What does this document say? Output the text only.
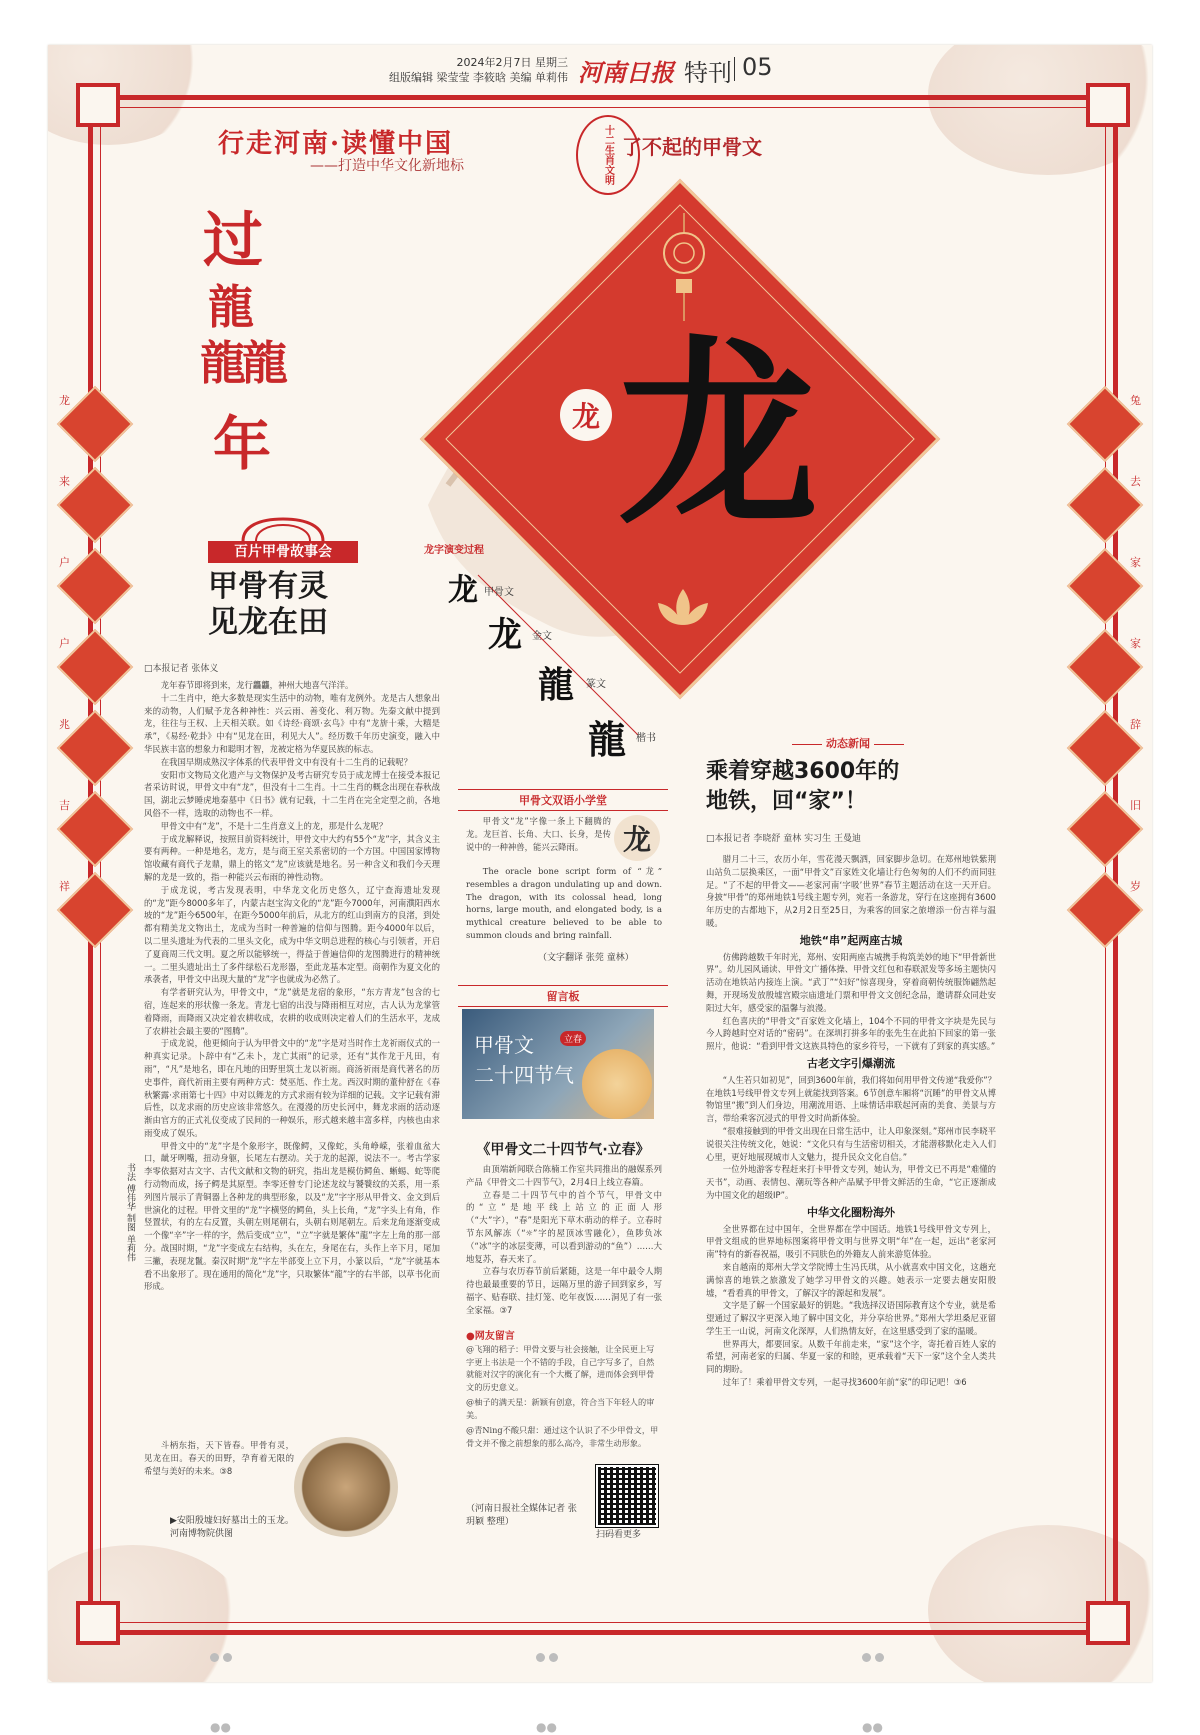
2024年2月7日 星期三
组版编辑 梁莹莹 李筱晗 美编 单莉伟 河南日报 特刊 05
行走河南·读懂中国
——打造中华文化新地标	十二生肖文明 了不起的甲骨文
过
龍
龍龍
年	龙 龙
龙
来
户
户
兆
吉
祥
兔
去
家
家
辞
旧
岁
百片甲骨故事会
甲骨有灵
见龙在田
□本报记者 张体义

龙年春节即将到来，龙行龘龘，神州大地喜气洋洋。

十二生肖中，绝大多数是现实生活中的动物，唯有龙例外。龙是古人想象出来的动物，人们赋予龙各种神性：兴云雨、善变化、利万物。先秦文献中提到龙，往往与王权、上天相关联。如《诗经·商颂·玄鸟》中有“龙旂十乘，大糦是承”，《易经·乾卦》中有“见龙在田，利见大人”。经历数千年历史演变，融入中华民族丰富的想象力和聪明才智，龙被定格为华夏民族的标志。

在我国早期成熟汉字体系的代表甲骨文中有没有十二生肖的记载呢？

安阳市文物局文化遗产与文物保护及考古研究专员于成龙博士在接受本报记者采访时说，甲骨文中有“龙”，但没有十二生肖。十二生肖的概念出现在春秋战国，湖北云梦睡虎地秦墓中《日书》就有记载，十二生肖在完全定型之前，各地风俗不一样，选取的动物也不一样。

甲骨文中有“龙”，不是十二生肖意义上的龙，那是什么龙呢？

于成龙解释说，按照目前资料统计，甲骨文中大约有55个“龙”字，其含义主要有两种。一种是地名，龙方，是与商王室关系密切的一个方国。中国国家博物馆收藏有商代子龙鼎，鼎上的铭文“龙”应该就是地名。另一种含义和我们今天理解的龙是一致的，指一种能兴云布雨的神性动物。

于成龙说，考古发现表明，中华龙文化历史悠久，辽宁查海遗址发现的“龙”距今8000多年了，内蒙古赵宝沟文化的“龙”距今7000年，河南濮阳西水坡的“龙”距今6500年，在距今5000年前后，从北方的红山到南方的良渚，到处都有精美龙文物出土，龙成为当时一种普遍的信仰与图腾。距今4000年以后，以二里头遗址为代表的二里头文化，成为中华文明总进程的核心与引领者，开启了夏商周三代文明。夏之所以能够统一，得益于普遍信仰的龙图腾进行的精神统一。二里头遗址出土了多件绿松石龙形器，至此龙基本定型。商朝作为夏文化的承袭者，甲骨文中出现大量的“龙”字也就成为必然了。

有学者研究认为，甲骨文中，“龙”就是龙宿的象形，“东方青龙”包含的七宿，连起来的形状像一条龙。青龙七宿的出没与降雨相互对应，古人认为龙掌管着降雨，而降雨又决定着农耕收成，农耕的收成则决定着人们的生活水平，龙成了农耕社会最主要的“图腾”。

于成龙说，他更倾向于认为甲骨文中的“龙”字是对当时作土龙祈雨仪式的一种真实记录。卜辞中有“乙未卜，龙亡其雨”的记录，还有“其作龙于凡田，有雨”，“凡”是地名，即在凡地的田野里筑土龙以祈雨。商汤祈雨是商代著名的历史事件，商代祈雨主要有两种方式：焚巫尪、作土龙。西汉时期的董仲舒在《春秋繁露·求雨第七十四》中对以舞龙的方式求雨有较为详细的记载。文字记载有滞后性，以龙求雨的历史应该非常悠久。在漫漫的历史长河中，舞龙求雨的活动逐渐由官方的正式礼仪变成了民间的一种娱乐，形式越来越丰富多样，内核也由求雨变成了娱乐。

甲骨文中的“龙”字是个象形字，既像鳄，又像蛇，头角峥嵘，张着血盆大口，龇牙咧嘴，扭动身躯，长尾左右摆动。关于龙的起源，说法不一。考古学家李零依据对古文字、古代文献和文物的研究，指出龙是模仿鳄鱼、蜥蜴、蛇等爬行动物而成，扬子鳄是其原型。李零还曾专门论述龙纹与饕餮纹的关系，用一系列图片展示了青铜器上各种龙的典型形象，以及“龙”字字形从甲骨文、金文到后世演化的过程。甲骨文里的“龙”字横竖的鳄鱼，头上长角，“龙”字头上有角，作竖置状，有的左右反置，头朝左则尾朝右，头朝右则尾朝左。后来龙角逐渐变成一个像“辛”字一样的字，然后变成“立”，“立”字就是繁体“龍”字左上角的那一部分。战国时期，“龙”字变成左右结构，头在左，身尾在右，头作上辛下月，尾加三撇，表现龙鬣。秦汉时期“龙”字左半部变上立下月，小篆以后，“龙”字就基本看不出象形了。现在通用的简化“龙”字，只取繁体“龍”字的右半部，以草书化而形成。

斗柄东指，天下皆春。甲骨有灵，见龙在田。春天的田野，孕育着无限的希望与美好的未来。③8

▶安阳殷墟妇好墓出土的玉龙。河南博物院供图
书法 傅伟华 制图 单莉伟
龙字演变过程
龙 甲骨文
龙 金文
龍 篆文
龍 楷书
甲骨文双语小学堂

甲骨文“龙”字像一条上下翻腾的龙。龙巨首、长角、大口、长身，是传说中的一种神兽，能兴云降雨。	龙

The oracle bone script form of “龙” resembles a dragon undulating up and down. The dragon, with its colossal head, long horns, large mouth, and elongated body, is a mythical creature believed to be able to summon clouds and bring rainfall.

（文字翻译 张莞 童林）
留言板
甲骨文
二十四节气
立春
《甲骨文二十四节气·立春》

由顶端新闻联合陈楠工作室共同推出的融媒系列产品《甲骨文二十四节气》，2月4日上线立春篇。

立春是二十四节气中的首个节气，甲骨文中的“立”是地平线上站立的正面人形（“大”字），“春”是阳光下草木萌动的样子。立春时节东风解冻（“☼”字的屋顶冰雪融化），鱼陟负冰（“冰”字的冰层变薄，可以看到游动的“鱼”）……大地复苏，春天来了。

立春与农历春节前后紧随，这是一年中最令人期待也最最重要的节日，远隔万里的游子回到家乡，写福字、贴春联、挂灯笼、吃年夜饭……洞见了有一张全家福。③7

●网友留言
@飞翔的稻子：甲骨文要与社会接触，让全民更上写字更上书法是一个不错的手段，自己字写多了，自然就能对汉字的演化有一个大概了解，进而体会到甲骨文的历史意义。
@柚子的满天星：新颖有创意，符合当下年轻人的审美。
@青Ning不酸只甜：通过这个认识了不少甲骨文，甲骨文并不像之前想象的那么高冷，非常生动形象。
（河南日报社全媒体记者 张玥颖 整理）
扫码看更多
动态新闻
乘着穿越3600年的
地铁，回“家”！
□本报记者 李晓舒 童林 实习生 王曼迪

腊月二十三，农历小年，雪花漫天飘洒，回家脚步急切。在郑州地铁紫荆山站负二层换乘区，一面“甲骨文”百家姓文化墙让行色匆匆的人们不约而同驻足。“了不起的甲骨文——老家河南‘字吸’世界”春节主题活动在这一天开启。身披“甲骨”的郑州地铁1号线主题专列，宛若一条游龙，穿行在这座拥有3600年历史的古都地下，从2月2日至25日，为乘客的回家之旅增添一份吉祥与温暖。

地铁“串”起两座古城

仿佛跨越数千年时光，郑州、安阳两座古城携手构筑美妙的地下“甲骨新世界”。幼儿园风诵读、甲骨文广播体操、甲骨文红包和春联派发等多场主题快闪活动在地铁站内接连上演。“武丁”“妇好”惊喜现身，穿着商朝传统服饰翩然起舞，开现场发放殷墟宫殿宗庙遗址门票和甲骨文文创纪念品，邀请群众同赴安阳过大年，感受家的温馨与浪漫。

红色喜庆的“甲骨文”百家姓文化墙上，104个不同的甲骨文字块是先民与今人跨越时空对话的“密码”。在深圳打拼多年的张先生在此拍下回家的第一张照片，他说：“看到甲骨文这族具特色的家乡符号，一下就有了到家的真实感。”

古老文字引爆潮流

“人生若只如初见”，回到3600年前，我们将如何用甲骨文传递“我爱你”？在地铁1号线甲骨文专列上就能找到答案。6节创意车厢将“沉睡”的甲骨文从博物馆里“搬”到人们身边，用潮流用语、上味情话串联起河南的美食、美景与方言，带给乘客沉浸式的甲骨文时尚新体验。

“很难接触到的甲骨文出现在日常生活中，让人印象深刻。”郑州市民李晓平说很关注传统文化，她说：“文化只有与生活密切相关，才能潜移默化走入人们心里，更好地展现城市人文魅力，提升民众文化自信。”

一位外地游客专程赶来打卡甲骨文专列，她认为，甲骨文已不再是“难懂的天书”，动画、表情包、潮玩等各种产品赋予甲骨文鲜活的生命，“它正逐渐成为中国文化的超级IP”。

中华文化圈粉海外

全世界都在过中国年，全世界都在学中国话。地铁1号线甲骨文专列上，甲骨文组成的世界地标图案将甲骨文明与世界文明“年”在一起，远出“老家河南”特有的新春祝福，吸引不同肤色的外籍友人前来游览体验。

来自越南的郑州大学文学院博士生冯氏琪，从小就喜欢中国文化，这趟充满惊喜的地铁之旅激发了她学习甲骨文的兴趣。她表示一定要去趟安阳殷墟，“看看真的甲骨文，了解汉字的源起和发展”。

文字是了解一个国家最好的钥匙。“我选择汉语国际教育这个专业，就是希望通过了解汉字更深入地了解中国文化，并分享给世界。”郑州大学坦桑尼亚留学生王一山说，河南文化深厚，人们热情友好，在这里感受到了家的温暖。

世界再大，都要回家。从数千年前走来，“家”这个字，寄托着百姓人家的希望，河南老家的归属、华夏一家的和睦，更承载着“天下一家”这个全人类共同的期盼。

过年了！乘着甲骨文专列，一起寻找3600年前“家”的印记吧！③6

●●	●●	●●
